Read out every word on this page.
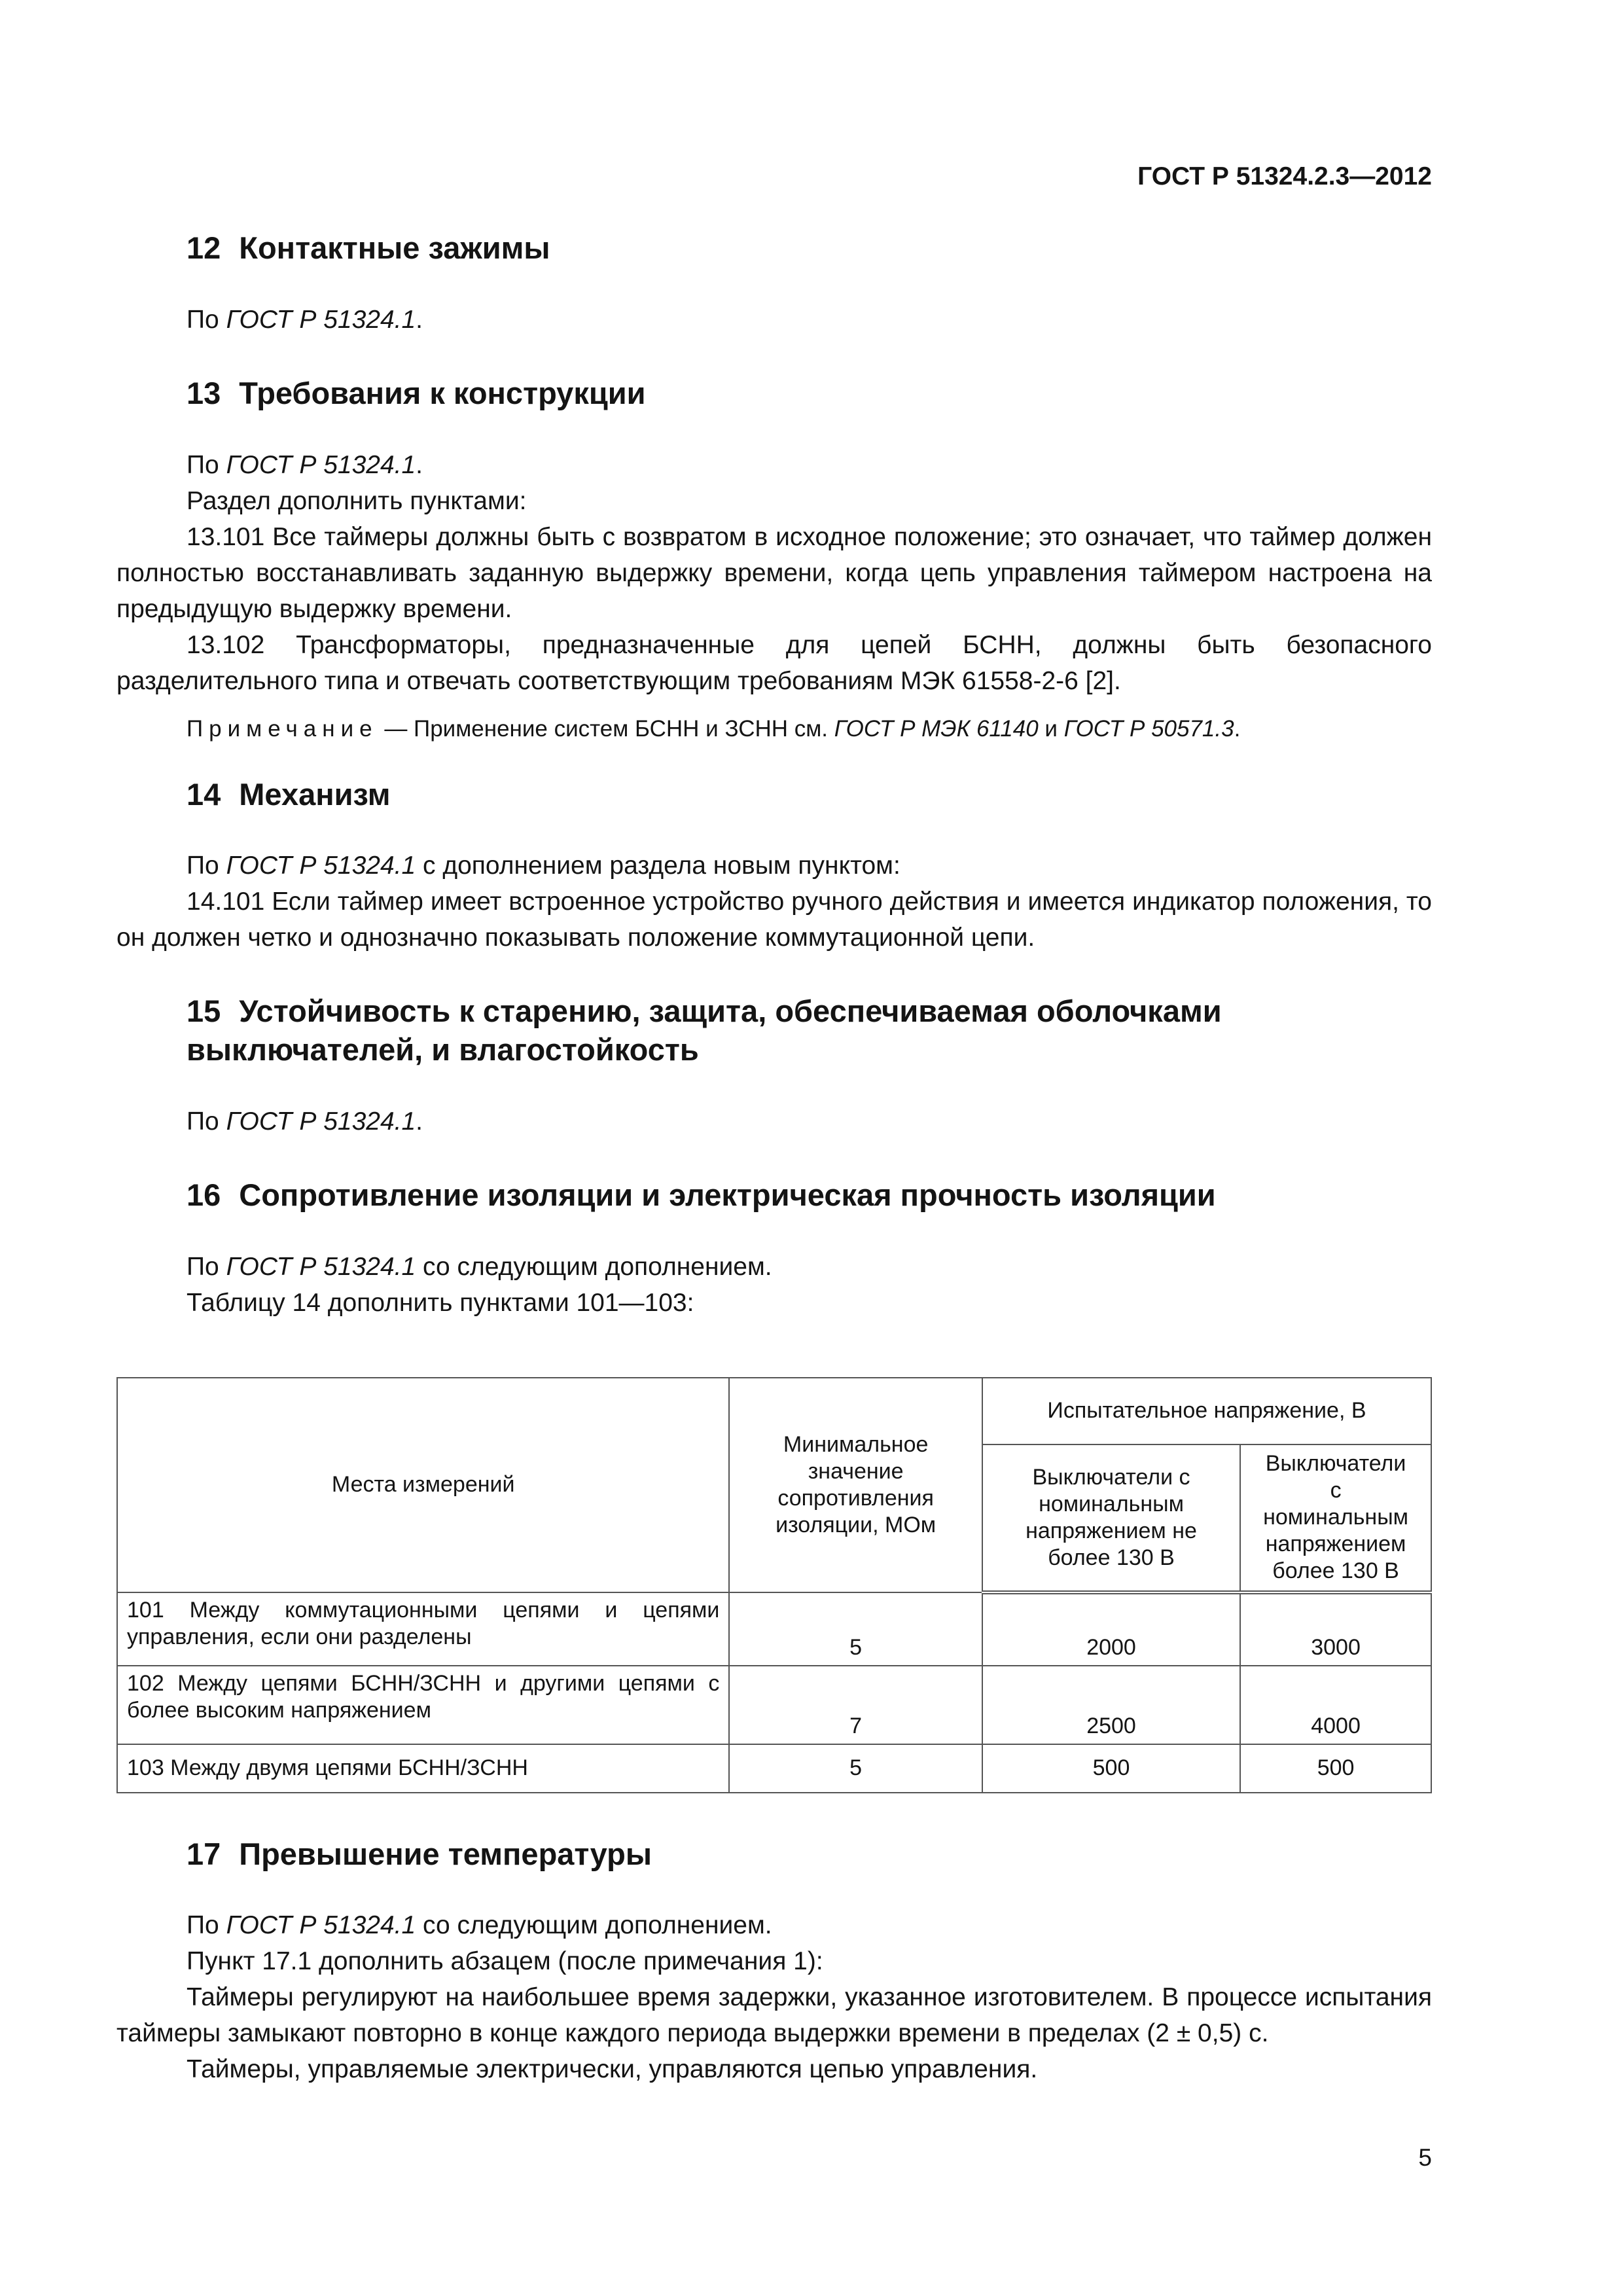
ГОСТ Р 51324.2.3—2012
12 Контактные зажимы

По ГОСТ Р 51324.1.

13 Требования к конструкции

По ГОСТ Р 51324.1.

Раздел дополнить пунктами:

13.101 Все таймеры должны быть с возвратом в исходное положение; это означает, что таймер должен полностью восстанавливать заданную выдержку времени, когда цепь управления таймером настроена на предыдущую выдержку времени.

13.102 Трансформаторы, предназначенные для цепей БСНН, должны быть безопасного разделительного типа и отвечать соответствующим требованиям МЭК 61558-2-6 [2].

Примечание — Применение систем БСНН и ЗСНН см. ГОСТ Р МЭК 61140 и ГОСТ Р 50571.3.

14 Механизм

По ГОСТ Р 51324.1 с дополнением раздела новым пунктом:

14.101 Если таймер имеет встроенное устройство ручного действия и имеется индикатор положения, то он должен четко и однозначно показывать положение коммутационной цепи.

15 Устойчивость к старению, защита, обеспечиваемая оболочками
выключателей, и влагостойкость

По ГОСТ Р 51324.1.

16 Сопротивление изоляции и электрическая прочность изоляции

По ГОСТ Р 51324.1 со следующим дополнением.

Таблицу 14 дополнить пунктами 101—103:

Места измерений	Минимальное значение сопротивления изоляции, МОм	Испытательное напряжение, В	
		Выключатели с номинальным напряжением не более 130 В	Выключатели с номинальным напряжением более 130 В
101 Между коммутационными цепями и цепями управления, если они разделены	5	2000	3000
102 Между цепями БСНН/ЗСНН и другими цепями с более высоким напряжением	7	2500	4000
103 Между двумя цепями БСНН/ЗСНН	5	500	500
17 Превышение температуры

По ГОСТ Р 51324.1 со следующим дополнением.

Пункт 17.1 дополнить абзацем (после примечания 1):

Таймеры регулируют на наибольшее время задержки, указанное изготовителем. В процессе испытания таймеры замыкают повторно в конце каждого периода выдержки времени в пределах (2 ± 0,5) с.

Таймеры, управляемые электрически, управляются цепью управления.

5
